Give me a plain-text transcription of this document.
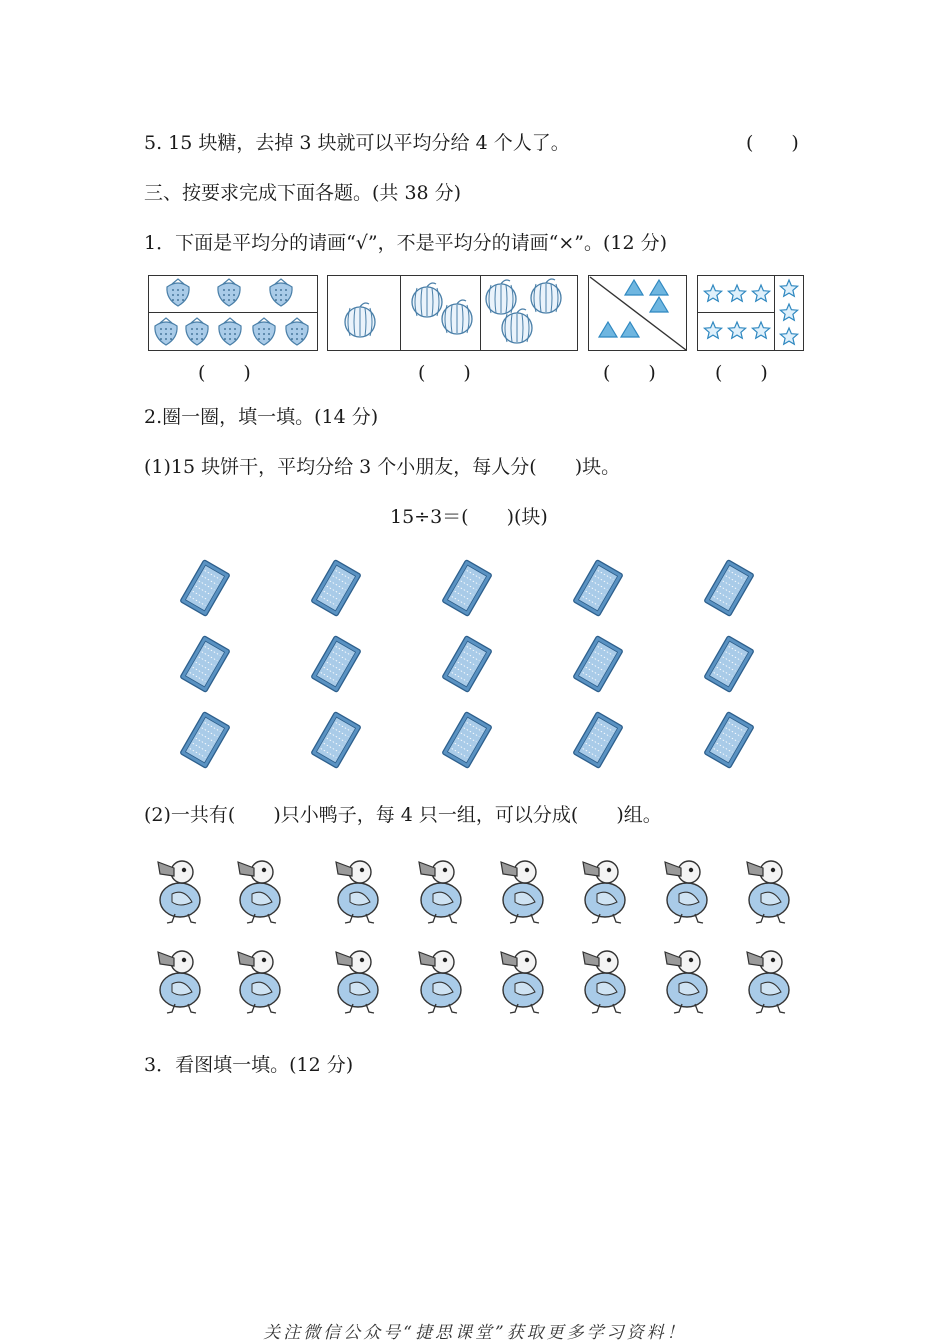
5. 15 块糖，去掉 3 块就可以平均分给 4 个人了。	(　　)
三、按要求完成下面各题。(共 38 分)
1．下面是平均分的请画“√”，不是平均分的请画“×”。(12 分)
(　　)	(　　)	(　　)	(　　)
2.圈一圈，填一填。(14 分)
(1)15 块饼干，平均分给 3 个小朋友，每人分(　　)块。
15÷3＝(　　)(块)
(2)一共有(　　)只小鸭子，每 4 只一组，可以分成(　　)组。
3．看图填一填。(12 分)
关注微信公众号“捷思课堂”获取更多学习资料！
